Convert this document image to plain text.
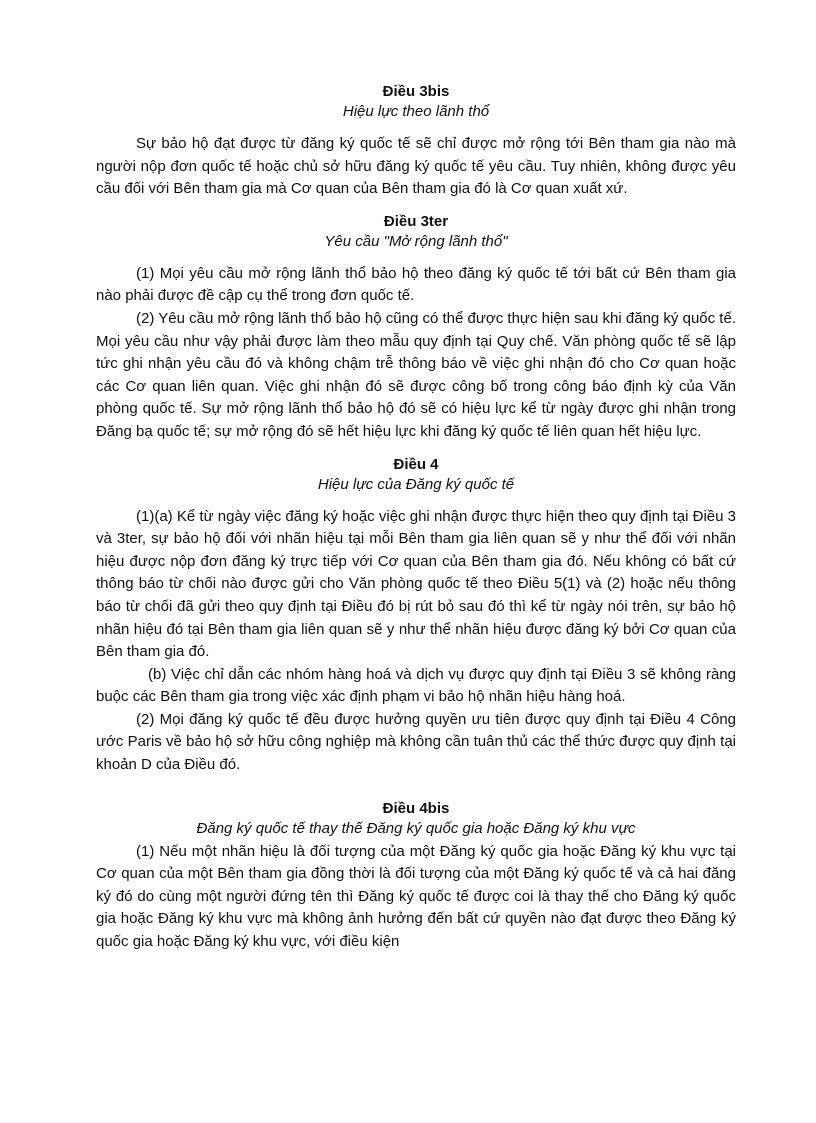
Điều 3bis

Hiệu lực theo lãnh thổ

Sự bảo hộ đạt được từ đăng ký quốc tế sẽ chỉ được mở rộng tới Bên tham gia nào mà người nộp đơn quốc tế hoặc chủ sở hữu đăng ký quốc tế yêu cầu. Tuy nhiên, không được yêu cầu đối với Bên tham gia mà Cơ quan của Bên tham gia đó là Cơ quan xuất xứ.

Điều 3ter

Yêu cầu "Mở rộng lãnh thổ"

(1) Mọi yêu cầu mở rộng lãnh thổ bảo hộ theo đăng ký quốc tế tới bất cứ Bên tham gia nào phải được đề cập cụ thể trong đơn quốc tế.

(2) Yêu cầu mở rộng lãnh thổ bảo hộ cũng có thể được thực hiện sau khi đăng ký quốc tế. Mọi yêu cầu như vậy phải được làm theo mẫu quy định tại Quy chế. Văn phòng quốc tế sẽ lập tức ghi nhận yêu cầu đó và không chậm trễ thông báo về việc ghi nhận đó cho Cơ quan hoặc các Cơ quan liên quan. Việc ghi nhận đó sẽ được công bố trong công báo định kỳ của Văn phòng quốc tế. Sự mở rộng lãnh thổ bảo hộ đó sẽ có hiệu lực kể từ ngày được ghi nhận trong Đăng bạ quốc tế; sự mở rộng đó sẽ hết hiệu lực khi đăng ký quốc tế liên quan hết hiệu lực.

Điều 4

Hiệu lực của Đăng ký quốc tế

(1)(a) Kể từ ngày việc đăng ký hoặc việc ghi nhận được thực hiện theo quy định tại Điều 3 và 3ter, sự bảo hộ đối với nhãn hiệu tại mỗi Bên tham gia liên quan sẽ y như thể đối với nhãn hiệu được nộp đơn đăng ký trực tiếp với Cơ quan của Bên tham gia đó. Nếu không có bất cứ thông báo từ chối nào được gửi cho Văn phòng quốc tế theo Điều 5(1) và (2) hoặc nếu thông báo từ chối đã gửi theo quy định tại Điều đó bị rút bỏ sau đó thì kể từ ngày nói trên, sự bảo hộ nhãn hiệu đó tại Bên tham gia liên quan sẽ y như thể nhãn hiệu được đăng ký bởi Cơ quan của Bên tham gia đó.

(b) Việc chỉ dẫn các nhóm hàng hoá và dịch vụ được quy định tại Điều 3 sẽ không ràng buộc các Bên tham gia trong việc xác định phạm vi bảo hộ nhãn hiệu hàng hoá.

(2) Mọi đăng ký quốc tế đều được hưởng quyền ưu tiên được quy định tại Điều 4 Công ước Paris về bảo hộ sở hữu công nghiệp mà không cần tuân thủ các thể thức được quy định tại khoản D của Điều đó.

Điều 4bis

Đăng ký quốc tế thay thế Đăng ký quốc gia hoặc Đăng ký khu vực

(1) Nếu một nhãn hiệu là đối tượng của một Đăng ký quốc gia hoặc Đăng ký khu vực tại Cơ quan của một Bên tham gia đồng thời là đối tượng của một Đăng ký quốc tế và cả hai đăng ký đó do cùng một người đứng tên thì Đăng ký quốc tế được coi là thay thế cho Đăng ký quốc gia hoặc Đăng ký khu vực mà không ảnh hưởng đến bất cứ quyền nào đạt được theo Đăng ký quốc gia hoặc Đăng ký khu vực, với điều kiện
